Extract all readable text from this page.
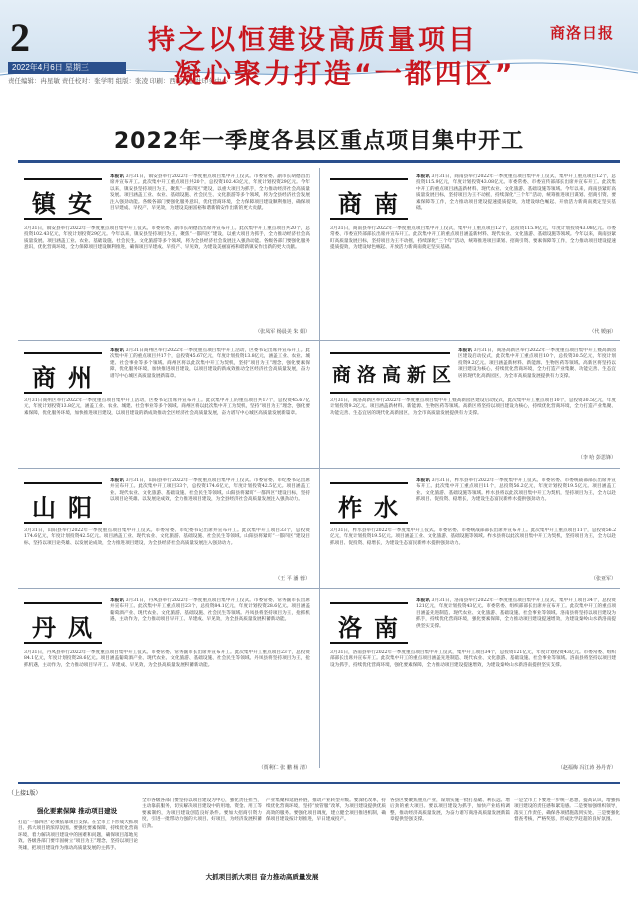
2
2022年4月6日 星期三
责任编辑：冉星敏 责任校对：张学明 组版：张凌 印刷：西安日报社印务中心
持之以恒建设高质量项目
凝心聚力打造“一都四区”
商洛日报
2022年一季度各县区重点项目集中开工
镇安
本报讯 3月31日，镇安县举行2022年一季度重点项目集中开工仪式。市委常委、副市长胡德昌出席并宣布开工。此次集中开工重点项目共20个，总投资102.43亿元，年度计划投资29亿元。今年以来，镇安县坚持项目为王，聚焦“一都四区”建设，以重大项目为抓手，全力推动经济社会高质量发展。项目涵盖工业、农业、基础设施、社会民生、文化旅游等多个领域，将为全县经济社会发展注入强劲动能。各级各部门要强化服务意识，优化营商环境，全力保障项目建设顺利推进，确保项目早建成、早投产、早见效，为建设美丽富裕和谐新镇安作出新的更大贡献。
3月31日，镇安县举行2022年一季度重点项目集中开工仪式。市委常委、副市长胡德昌出席并宣布开工。此次集中开工重点项目共20个，总投资102.43亿元，年度计划投资29亿元。今年以来，镇安县坚持项目为王，聚焦“一都四区”建设，以重大项目为抓手，全力推动经济社会高质量发展。项目涵盖工业、农业、基础设施、社会民生、文化旅游等多个领域，将为全县经济社会发展注入强劲动能。各级各部门要强化服务意识，优化营商环境，全力保障项目建设顺利推进，确保项目早建成、早投产、早见效，为建设美丽富裕和谐新镇安作出新的更大贡献。
（张凤军 杨晨美 朱 娟）
商南
本报讯 3月31日，商南县举行2022年一季度重点项目集中开工仪式，集中开工重点项目12个，总投资115.9亿元，年度计划投资43.08亿元。市委常委、市委宣传部部长出席并宣布开工。此次集中开工的重点项目涵盖新材料、现代农业、文化旅游、基础设施等领域。今年以来，商南县紧盯高质量发展目标，坚持项目为王不动摇，持续深化“三个年”活动，统筹推进项目谋划、招商引资、要素保障等工作，全力推动项目建设提速提质提效，为建设绿色崛起、开放活力新商南奠定坚实基础。
3月31日，商南县举行2022年一季度重点项目集中开工仪式，集中开工重点项目12个，总投资115.9亿元，年度计划投资43.08亿元。市委常委、市委宣传部部长出席并宣布开工。此次集中开工的重点项目涵盖新材料、现代农业、文化旅游、基础设施等领域。今年以来，商南县紧盯高质量发展目标，坚持项目为王不动摇，持续深化“三个年”活动，统筹推进项目谋划、招商引资、要素保障等工作，全力推动项目建设提速提质提效，为建设绿色崛起、开放活力新商南奠定坚实基础。
（代 媛丽）
商州
本报讯 3月31日商州区举行2022年一季度重点项目集中开工活动，区委书记出席并宣布开工。此次集中开工的重点项目共17个，总投资45.67亿元，年度计划投资13.8亿元，涵盖工业、农业、城建、社会事业等多个领域。商州区将以此次集中开工为契机，坚持“项目为王”理念，强化要素保障，优化服务环境，加快推进项目建设，以项目建设的新成效推动全区经济社会高质量发展，奋力谱写中心城区高质量发展新篇章。
3月31日商州区举行2022年一季度重点项目集中开工活动，区委书记出席并宣布开工。此次集中开工的重点项目共17个，总投资45.67亿元，年度计划投资13.8亿元，涵盖工业、农业、城建、社会事业等多个领域。商州区将以此次集中开工为契机，坚持“项目为王”理念，强化要素保障，优化服务环境，加快推进项目建设，以项目建设的新成效推动全区经济社会高质量发展，奋力谱写中心城区高质量发展新篇章。
商洛高新区
本报讯 3月31日，商洛高新区举行2022年一季度重点项目集中开工暨高新园区建设启动仪式，此次集中开工重点项目10个，总投资30.5亿元，年度计划投资9.2亿元。项目涵盖新材料、新能源、生物医药等领域。高新区将坚持以项目建设为核心，持续优化营商环境，全力打造产业集聚、功能完善、生态宜居的现代化高新园区，为全市高质量发展提供有力支撑。
3月31日，商洛高新区举行2022年一季度重点项目集中开工暨高新园区建设启动仪式，此次集中开工重点项目10个，总投资30.5亿元，年度计划投资9.2亿元。项目涵盖新材料、新能源、生物医药等领域。高新区将坚持以项目建设为核心，持续优化营商环境，全力打造产业集聚、功能完善、生态宜居的现代化高新园区，为全市高质量发展提供有力支撑。
（李 哈 彭思锋）
山阳
本报讯 3月31日，山阳县举行2022年一季度重点项目集中开工仪式。市委常委、市纪委书记出席并宣布开工。此次集中开工项目33个，总投资174.6亿元，年度计划投资42.5亿元。项目涵盖工业、现代农业、文化旅游、基础设施、社会民生等领域。山阳县将紧盯“一都四区”建设目标，坚持以项目论英雄、以发展论成效，全力推进项目建设，为全县经济社会高质量发展注入强劲动力。
3月31日，山阳县举行2022年一季度重点项目集中开工仪式。市委常委、市纪委书记出席并宣布开工。此次集中开工项目33个，总投资174.6亿元，年度计划投资42.5亿元。项目涵盖工业、现代农业、文化旅游、基础设施、社会民生等领域。山阳县将紧盯“一都四区”建设目标，坚持以项目论英雄、以发展论成效，全力推进项目建设，为全县经济社会高质量发展注入强劲动力。
（王 平 潘 蓉）
柞水
本报讯 3月31日，柞水县举行2022年一季度集中开工仪式。市委常委、市委统战部部长出席并宣布开工。此次集中开工重点项目11个，总投资56.2亿元，年度计划投资19.5亿元。项目涵盖工业、文化旅游、基础设施等领域。柞水县将以此次项目集中开工为契机，坚持项目为王，全力以赴抓项目、促投资、稳增长，为建设生态富民新柞水提供强劲动力。
3月31日，柞水县举行2022年一季度集中开工仪式。市委常委、市委统战部部长出席并宣布开工。此次集中开工重点项目11个，总投资56.2亿元，年度计划投资19.5亿元。项目涵盖工业、文化旅游、基础设施等领域。柞水县将以此次项目集中开工为契机，坚持项目为王，全力以赴抓项目、促投资、稳增长，为建设生态富民新柞水提供强劲动力。
（张亚军）
丹凤
本报讯 3月31日，丹凤县举行2022年一季度重点项目集中开工仪式。市委常委、常务副市长出席并宣布开工。此次集中开工重点项目23个，总投资84.1亿元，年度计划投资28.6亿元。项目涵盖葡萄酒产业、现代农业、文化旅游、基础设施、社会民生等领域。丹凤县将坚持项目为王，抢抓机遇，主动作为，全力推动项目早开工、早建成、早见效，为全县高质量发展积蓄新动能。
3月31日，丹凤县举行2022年一季度重点项目集中开工仪式。市委常委、常务副市长出席并宣布开工。此次集中开工重点项目23个，总投资84.1亿元，年度计划投资28.6亿元。项目涵盖葡萄酒产业、现代农业、文化旅游、基础设施、社会民生等领域。丹凤县将坚持项目为王，抢抓机遇，主动作为，全力推动项目早开工、早建成、早见效，为全县高质量发展积蓄新动能。
（贾利仁 张 鹏 杨 清）
洛南
本报讯 3月31日，洛南县举行2022年一季度重点项目集中开工仪式，集中开工项目34个，总投资121亿元，年度计划投资43亿元。市委常委、组织部部长出席并宣布开工。此次集中开工的重点项目涵盖先进制造、现代农业、文化旅游、基础设施、社会事业等领域。洛南县将坚持以项目建设为抓手，持续优化营商环境，强化要素保障，全力推动项目建设提速增效，为建设秦岭山水新洛南提供坚实支撑。
3月31日，洛南县举行2022年一季度重点项目集中开工仪式，集中开工项目34个，总投资121亿元，年度计划投资43亿元。市委常委、组织部部长出席并宣布开工。此次集中开工的重点项目涵盖先进制造、现代农业、文化旅游、基础设施、社会事业等领域。洛南县将坚持以项目建设为抓手，持续优化营商环境，强化要素保障，全力推动项目建设提速增效，为建设秦岭山水新洛南提供坚实支撑。
（赵福梅 冯江涛 孙丹青）
（上接1版）
强化要素保障 推动项目建设
打造“一都四区”必须依靠项目支撑。在全市上下形成大抓项目、抓大项目的浓厚氛围。要强化要素保障，持续优化营商环境，着力解决项目建设中的困难和问题，确保项目落地见效。各级各部门要牢固树立“项目为王”理念，坚持以项目论英雄，把项目建设作为推动高质量发展的主抓手。
全市各级各部门要坚持以项目建设为中心，强化责任担当，主动靠前服务，切实解决项目建设中的用地、资金、用工等要素制约，为项目建设创造良好条件。要加大招商引资力度，引进一批带动力强的大项目、好项目，为经济发展积蓄后劲。
大抓项目抓大项目 奋力推动高质量发展
产业集聚和延链补链，推动产业转型升级。要深化改革，持续优化营商环境，坚持“放管服”改革，为项目建设提供优质高效的服务。要强化项目调度，建立健全项目推进机制，确保项目建设按计划推进，早日建成投产。
各县区要聚焦重点产业，谋划实施一批打基础、利长远、增后劲的重大项目。要以项目建设为抓手，加快产业结构调整，推动经济高质量发展，为奋力谱写商洛高质量发展新篇章提供坚强支撑。
一是全市上下要进一步统一思想，提高认识，增强抓项目建设的责任感和紧迫感。二是要加强组织领导，落实工作责任，确保各项措施落到实处。三是要强化督查考核，严格奖惩，形成比学赶超的良好氛围。
